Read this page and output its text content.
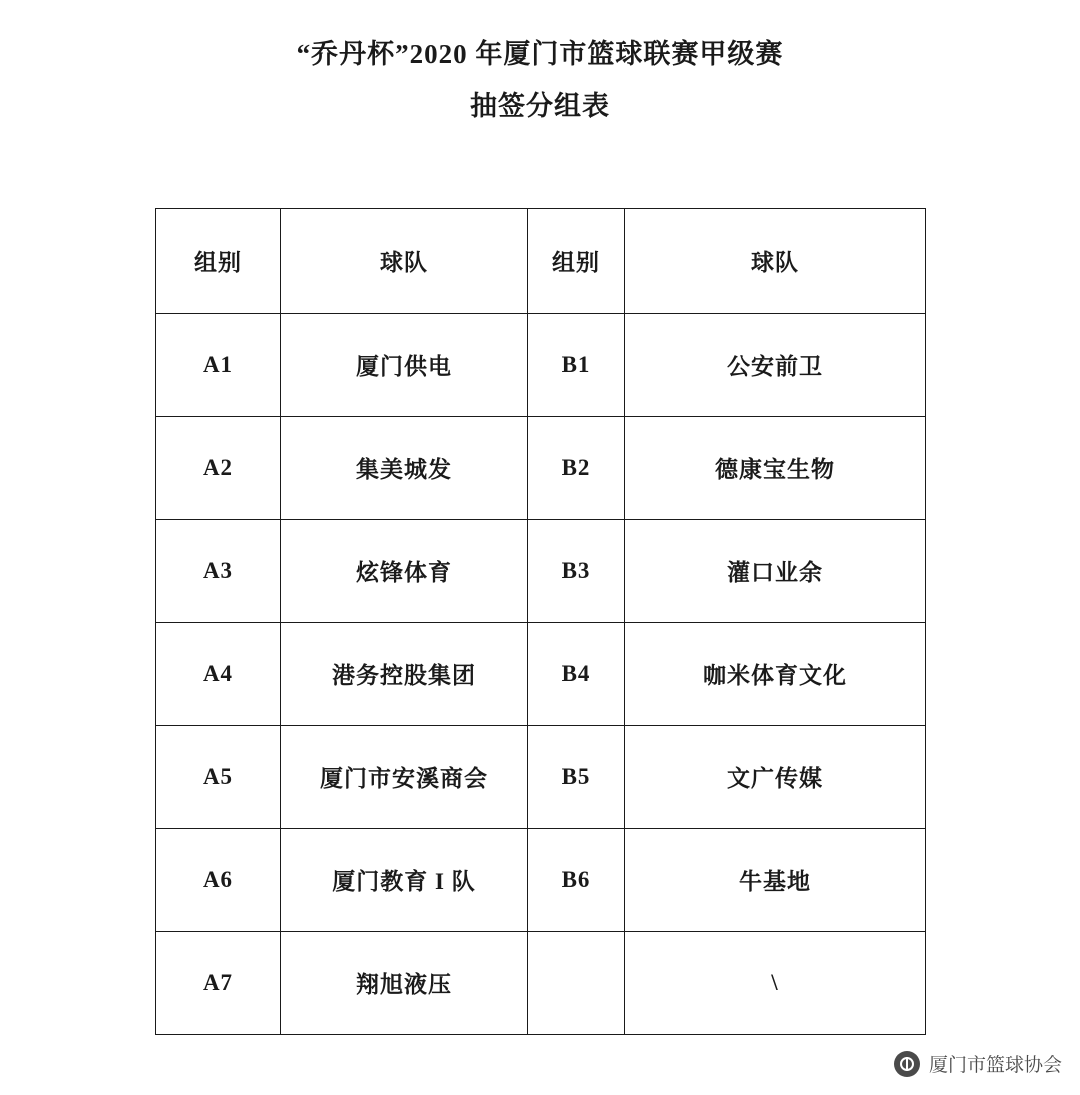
“乔丹杯”2020 年厦门市篮球联赛甲级赛
抽签分组表
组别	球队	组别	球队
A1	厦门供电	B1	公安前卫
A2	集美城发	B2	德康宝生物
A3	炫锋体育	B3	灌口业余
A4	港务控股集团	B4	咖米体育文化
A5	厦门市安溪商会	B5	文广传媒
A6	厦门教育 I 队	B6	牛基地
A7	翔旭液压		\
厦门市篮球协会
